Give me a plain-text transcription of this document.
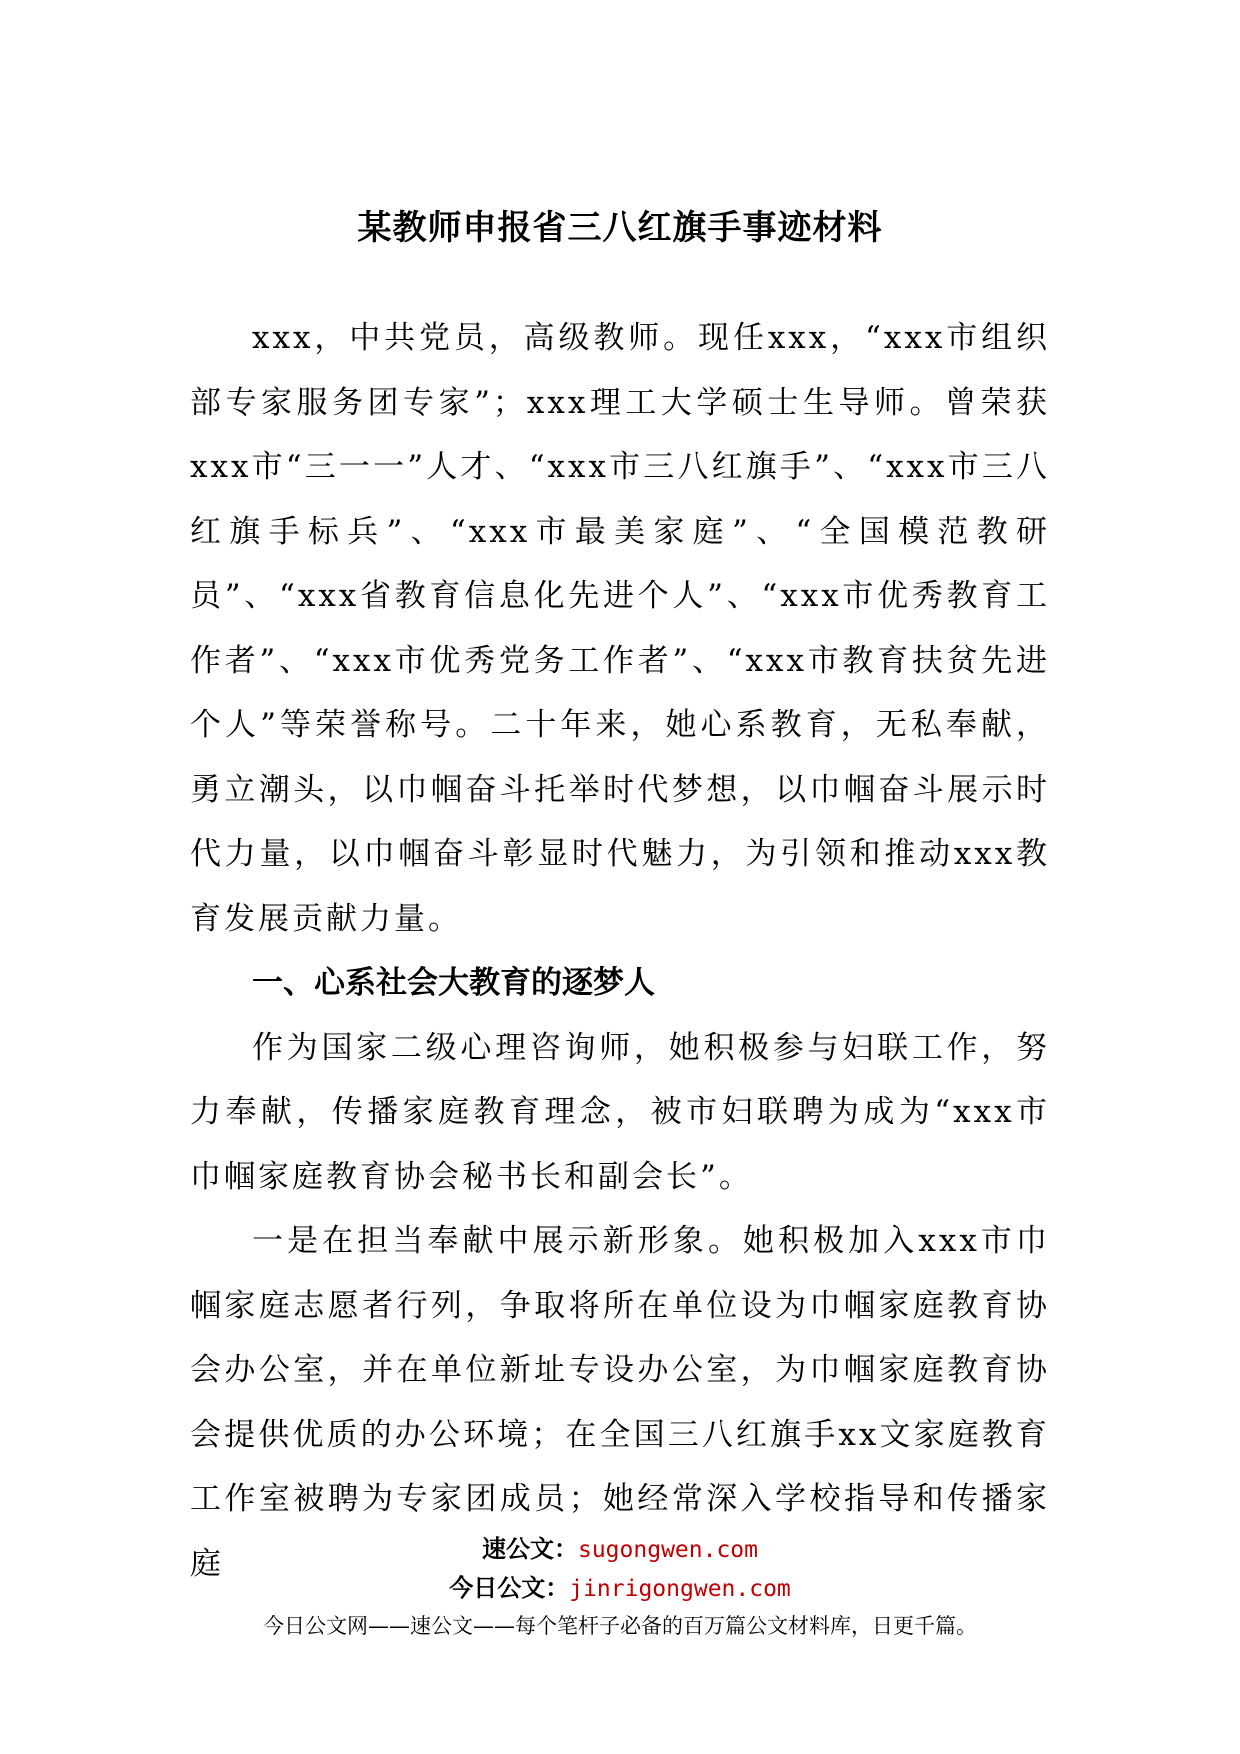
某教师申报省三八红旗手事迹材料

xxx，中共党员，高级教师。现任xxx，“xxx市组织部专家服务团专家”；xxx理工大学硕士生导师。曾荣获xxx市“三一一”人才、“xxx市三八红旗手”、“xxx市三八红旗手标兵”、“xxx市最美家庭”、“全国模范教研员”、“xxx省教育信息化先进个人”、“xxx市优秀教育工作者”、“xxx市优秀党务工作者”、“xxx市教育扶贫先进个人”等荣誉称号。二十年来，她心系教育，无私奉献，勇立潮头，以巾帼奋斗托举时代梦想，以巾帼奋斗展示时代力量，以巾帼奋斗彰显时代魅力，为引领和推动xxx教育发展贡献力量。

一、心系社会大教育的逐梦人

作为国家二级心理咨询师，她积极参与妇联工作，努力奉献，传播家庭教育理念，被市妇联聘为成为“xxx市巾帼家庭教育协会秘书长和副会长”。

一是在担当奉献中展示新形象。她积极加入xxx市巾帼家庭志愿者行列，争取将所在单位设为巾帼家庭教育协会办公室，并在单位新址专设办公室，为巾帼家庭教育协会提供优质的办公环境；在全国三八红旗手xx文家庭教育工作室被聘为专家团成员；她经常深入学校指导和传播家庭	速公文：sugongwen.com
今日公文：jinrigongwen.com
今日公文网——速公文——每个笔杆子必备的百万篇公文材料库，日更千篇。
